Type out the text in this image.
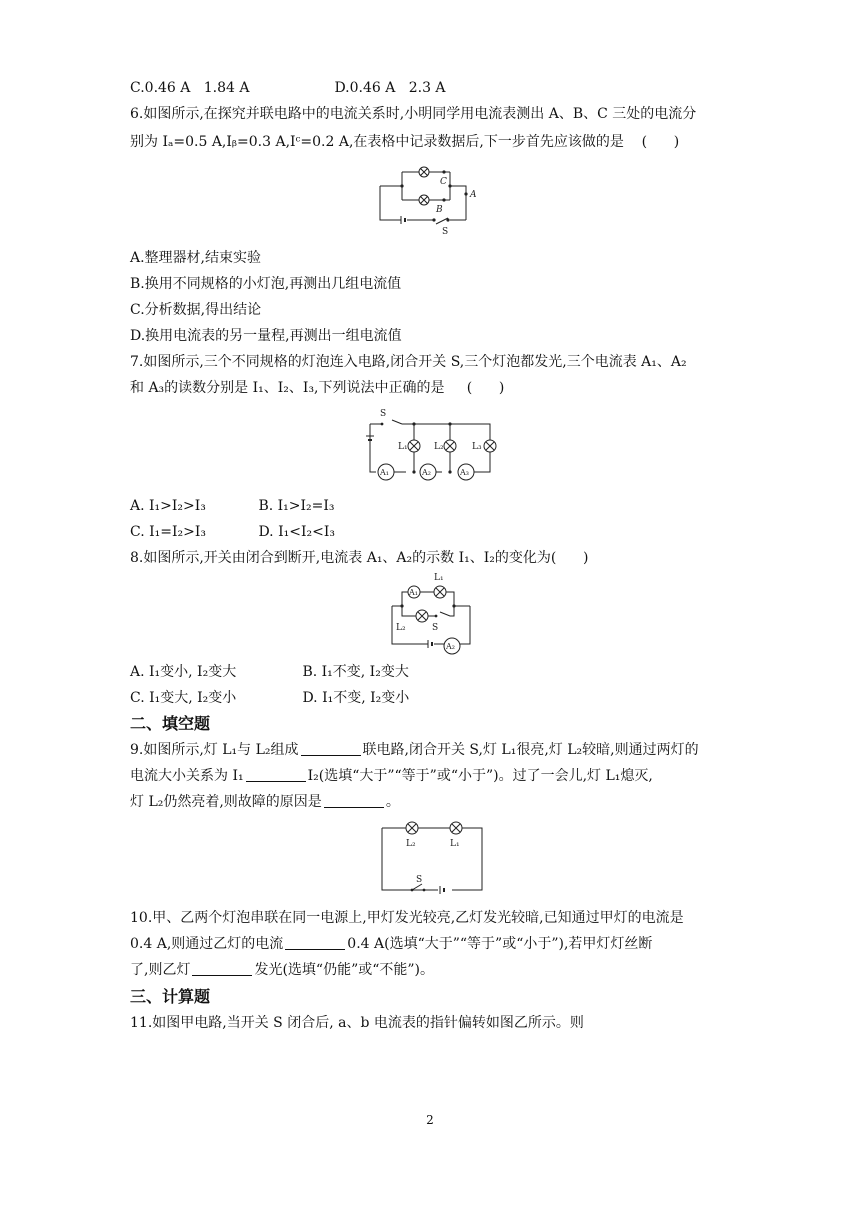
C.0.46 A   1.84 A	D.0.46 A   2.3 A
6.如图所示,在探究并联电路中的电流关系时,小明同学用电流表测出 A、B、C 三处的电流分
别为 Iₐ=0.5 A,Iᵦ=0.3 A,Iᶜ=0.2 A,在表格中记录数据后,下一步首先应该做的是    (      )
C
B
A
S
A.整理器材,结束实验
B.换用不同规格的小灯泡,再测出几组电流值
C.分析数据,得出结论
D.换用电流表的另一量程,再测出一组电流值
7.如图所示,三个不同规格的灯泡连入电路,闭合开关 S,三个灯泡都发光,三个电流表 A₁、A₂
和 A₃的读数分别是 I₁、I₂、I₃,下列说法中正确的是     (      )
S
L₁	L₂	L₃
A₁	A₂	A₃
A. I₁>I₂>I₃	B. I₁>I₂=I₃
C. I₁=I₂>I₃	D. I₁<I₂<I₃
8.如图所示,开关由闭合到断开,电流表 A₁、A₂的示数 I₁、I₂的变化为(      )
L₁
A₁
L₂	S
A₂
A. I₁变小, I₂变大	B. I₁不变, I₂变大
C. I₁变大, I₂变小	D. I₁不变, I₂变小
二、填空题
9.如图所示,灯 L₁与 L₂组成	联电路,闭合开关 S,灯 L₁很亮,灯 L₂较暗,则通过两灯的
电流大小关系为 I₁	I₂(选填“大于”“等于”或“小于”)。过了一会儿,灯 L₁熄灭,
灯 L₂仍然亮着,则故障的原因是	。
L₂	L₁
S
10.甲、乙两个灯泡串联在同一电源上,甲灯发光较亮,乙灯发光较暗,已知通过甲灯的电流是
0.4 A,则通过乙灯的电流	0.4 A(选填“大于”“等于”或“小于”),若甲灯灯丝断
了,则乙灯	发光(选填“仍能”或“不能”)。
三、计算题
11.如图甲电路,当开关 S 闭合后, a、b 电流表的指针偏转如图乙所示。则
2
